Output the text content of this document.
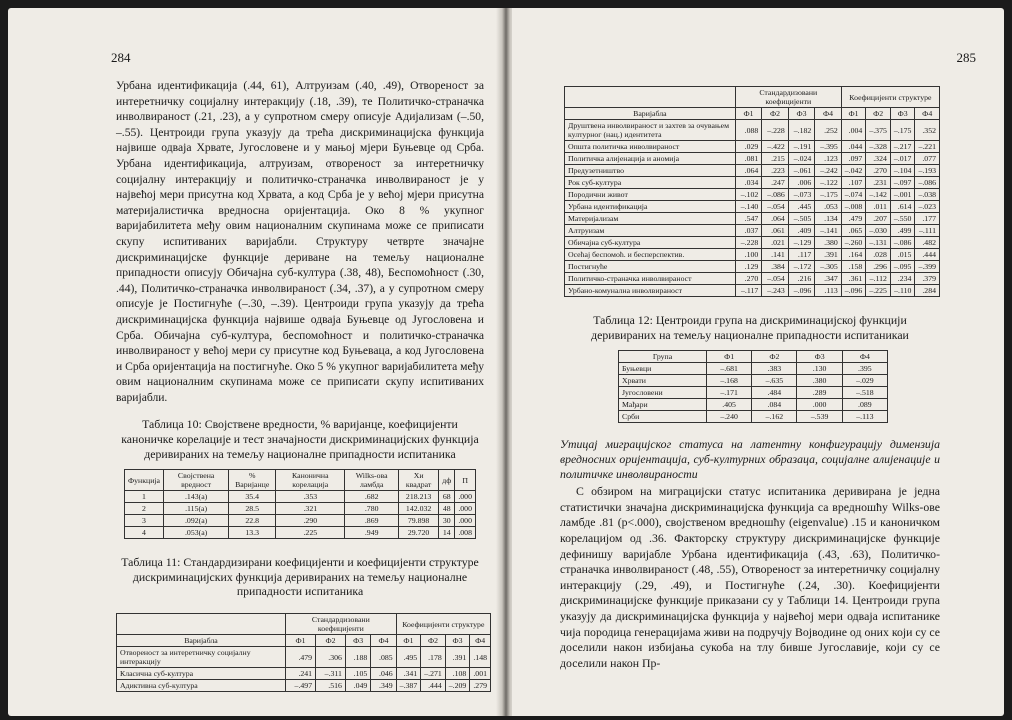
284

Урбана идентификација (.44, 61), Алтруизам (.40, .49), Отвореност за интеретничку социјалну интеракцију (.18, .39), те Политичко-страначка инволвираност (.21, .23), а у супротном смеру описује Адијализам (–.50, –.55). Центроиди група указују да трећа дискриминацијска функција највише одваја Хрвате, Југословене и у мањој мјери Буњевце од Срба. Урбана идентификација, алтруизам, отвореност за интеретничку социјалну интеракцију и политичко-страначка инволвираност је у највећој мери присутна код Хрвата, а код Срба је у већој мјери присутна материјалистичка вредносна оријентација. Око 8 % укупног варијабилитета међу овим националним скупинама може се приписати скупу испитиваних варијабли. Структуру четврте значајне дискриминацијске функције дериване на темељу националне припадности описују Обичајна суб-култура (.38, 48), Беспомоћност (.30, .44), Политичко-страначка инволвираност (.34, .37), а у супротном смеру описује је Постигнуће (–.30, –.39). Центроиди група указују да трећа дискриминацијска функција највише одваја Буњевце од Југословена и Срба. Обичајна суб-култура, беспомоћност и политичко-страначка инволвираност у већој мери су присутне код Буњеваца, а код Југословена и Срба оријентација на постигнуће. Око 5 % укупног варијабилитета међу овим националним скупинама може се приписати скупу испитиваних варијабли.

Таблица 10: Својствене вредности, % варијанце, коефицијенти каноничке корелације и тест значајности дискриминацијских функција деривираних на темељу националне припадности испитаника
Функција	Својствена вредност	% Варијанце	Канонична корелација	Wilks-ова ламбда	Хи квадрат	дф	П
1	.143(a)	35.4	.353	.682	218.213	68	.000
2	.115(a)	28.5	.321	.780	142.032	48	.000
3	.092(a)	22.8	.290	.869	79.898	30	.000
4	.053(a)	13.3	.225	.949	29.720	14	.008
Таблица 11: Стандардизирани коефицијенти и коефицијенти структуре дискриминацијских функција деривираних на темељу националне припадности испитаника
	Стандардизовани коефицијенти				Коефицијенти структуре			
Варијабла	Ф1	Ф2	Ф3	Ф4	Ф1	Ф2	Ф3	Ф4
Отвореност за интеретничку социјалну интеракцију	.479	.306	.188	.085	.495	.178	.391	.148
Класична суб-култура	.241	–.311	.105	.046	.341	–.271	.108	.001
Адиктивна суб-култура	–.497	.516	.049	.349	–.387	.444	–.209	.279
285
	Стандардизовани коефицијенти				Коефицијенти структуре			
Варијабла	Ф1	Ф2	Ф3	Ф4	Ф1	Ф2	Ф3	Ф4
Друштвена инволвираност и захтев за очувањем културног (нац.) идентитета	.088	–.228	–.182	.252	.004	–.375	–.175	.352
Општа политичка инволвираност	.029	–.422	–.191	–.395	.044	–.328	–.217	–.221
Политичка алијенација и аномија	.081	.215	–.024	.123	.097	.324	–.017	.077
Предузетништво	.064	.223	–.061	–.242	–.042	.270	–.104	–.193
Рок суб-култура	.034	.247	.006	–.122	.107	.231	–.097	–.086
Породични живот	–.102	–.086	–.073	–.175	–.074	–.142	–.001	–.038
Урбана идентификација	–.140	–.054	.445	.053	–.008	.011	.614	–.023
Материјализам	.547	.064	–.505	.134	.479	.207	–.550	.177
Алтруизам	.037	.061	.409	–.141	.065	–.030	.499	–.111
Обичајна суб-култура	–.228	.021	–.129	.380	–.260	–.131	–.086	.482
Осећај беспомоћ. и бесперспектив.	.100	.141	.117	.391	.164	.028	.015	.444
Постигнуће	.129	.384	–.172	–.305	.158	.296	–.095	–.399
Политичко-страначка инволвираност	.270	–.054	.216	.347	.361	–.112	.234	.379
Урбано-комунална инволвираност	–.117	–.243	–.096	.113	–.096	–.225	–.110	.284
Таблица 12: Центроиди група на дискриминацијској функцији деривираних на темељу националне припадности испитаникаи
Група	Ф1	Ф2	Ф3	Ф4
Буњевци	–.681	.383	.130	.395
Хрвати	–.168	–.635	.380	–.029
Југословени	–.171	.484	.289	–.518
Мађари	.405	.084	.000	.089
Срби	–.240	–.162	–.539	–.113

Утицај миграцијског статуса на латентну конфигурацију димензија вредносних оријентација, суб-културних образаца, социјалне алијенације и политичке инволвираности

С обзиром на миграцијски статус испитаника деривирана је једна статистички значајна дискриминацијска функција са вредношћу Wilks-ове ламбде .81 (p<.000), својственом вредношћу (eigenvalue) .15 и каноничком корелацијом од .36. Факторску структуру дискриминацијске функције дефинишу варијабле Урбана идентификација (.43, .63), Политичко-страначка инволвираност (.48, .55), Отвореност за интеретничку социјалну интеракцију (.29, .49), и Постигнуће (.24, .30). Коефицијенти дискриминацијске функције приказани су у Таблици 14. Центроиди група указују да дискриминацијска функција у највећој мери одваја испитанике чија породица генерацијама живи на подручју Војводине од оних који су се доселили након избијања сукоба на тлу бивше Југославије, који су се доселили након Пр-
